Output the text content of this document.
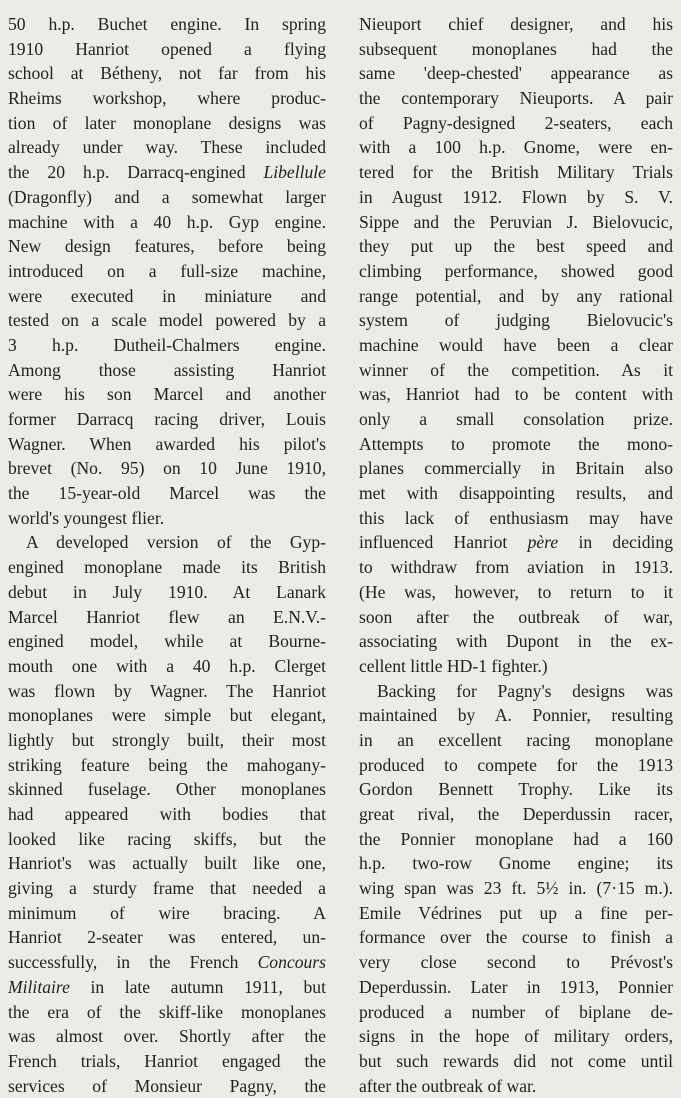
50 h.p. Buchet engine. In spring
1910 Hanriot opened a flying
school at Bétheny, not far from his
Rheims workshop, where produc-
tion of later monoplane designs was
already under way. These included
the 20 h.p. Darracq-engined Libellule
(Dragonfly) and a somewhat larger
machine with a 40 h.p. Gyp engine.
New design features, before being
introduced on a full-size machine,
were executed in miniature and
tested on a scale model powered by a
3 h.p. Dutheil-Chalmers engine.
Among those assisting Hanriot
were his son Marcel and another
former Darracq racing driver, Louis
Wagner. When awarded his pilot's
brevet (No. 95) on 10 June 1910,
the 15-year-old Marcel was the
world's youngest flier.
A developed version of the Gyp-
engined monoplane made its British
debut in July 1910. At Lanark
Marcel Hanriot flew an E.N.V.-
engined model, while at Bourne-
mouth one with a 40 h.p. Clerget
was flown by Wagner. The Hanriot
monoplanes were simple but elegant,
lightly but strongly built, their most
striking feature being the mahogany-
skinned fuselage. Other monoplanes
had appeared with bodies that
looked like racing skiffs, but the
Hanriot's was actually built like one,
giving a sturdy frame that needed a
minimum of wire bracing. A
Hanriot 2-seater was entered, un-
successfully, in the French Concours
Militaire in late autumn 1911, but
the era of the skiff-like monoplanes
was almost over. Shortly after the
French trials, Hanriot engaged the
services of Monsieur Pagny, the
Nieuport chief designer, and his
subsequent monoplanes had the
same 'deep-chested' appearance as
the contemporary Nieuports. A pair
of Pagny-designed 2-seaters, each
with a 100 h.p. Gnome, were en-
tered for the British Military Trials
in August 1912. Flown by S. V.
Sippe and the Peruvian J. Bielovucic,
they put up the best speed and
climbing performance, showed good
range potential, and by any rational
system of judging Bielovucic's
machine would have been a clear
winner of the competition. As it
was, Hanriot had to be content with
only a small consolation prize.
Attempts to promote the mono-
planes commercially in Britain also
met with disappointing results, and
this lack of enthusiasm may have
influenced Hanriot père in deciding
to withdraw from aviation in 1913.
(He was, however, to return to it
soon after the outbreak of war,
associating with Dupont in the ex-
cellent little HD-1 fighter.)
Backing for Pagny's designs was
maintained by A. Ponnier, resulting
in an excellent racing monoplane
produced to compete for the 1913
Gordon Bennett Trophy. Like its
great rival, the Deperdussin racer,
the Ponnier monoplane had a 160
h.p. two-row Gnome engine; its
wing span was 23 ft. 5½ in. (7·15 m.).
Emile Védrines put up a fine per-
formance over the course to finish a
very close second to Prévost's
Deperdussin. Later in 1913, Ponnier
produced a number of biplane de-
signs in the hope of military orders,
but such rewards did not come until
after the outbreak of war.
